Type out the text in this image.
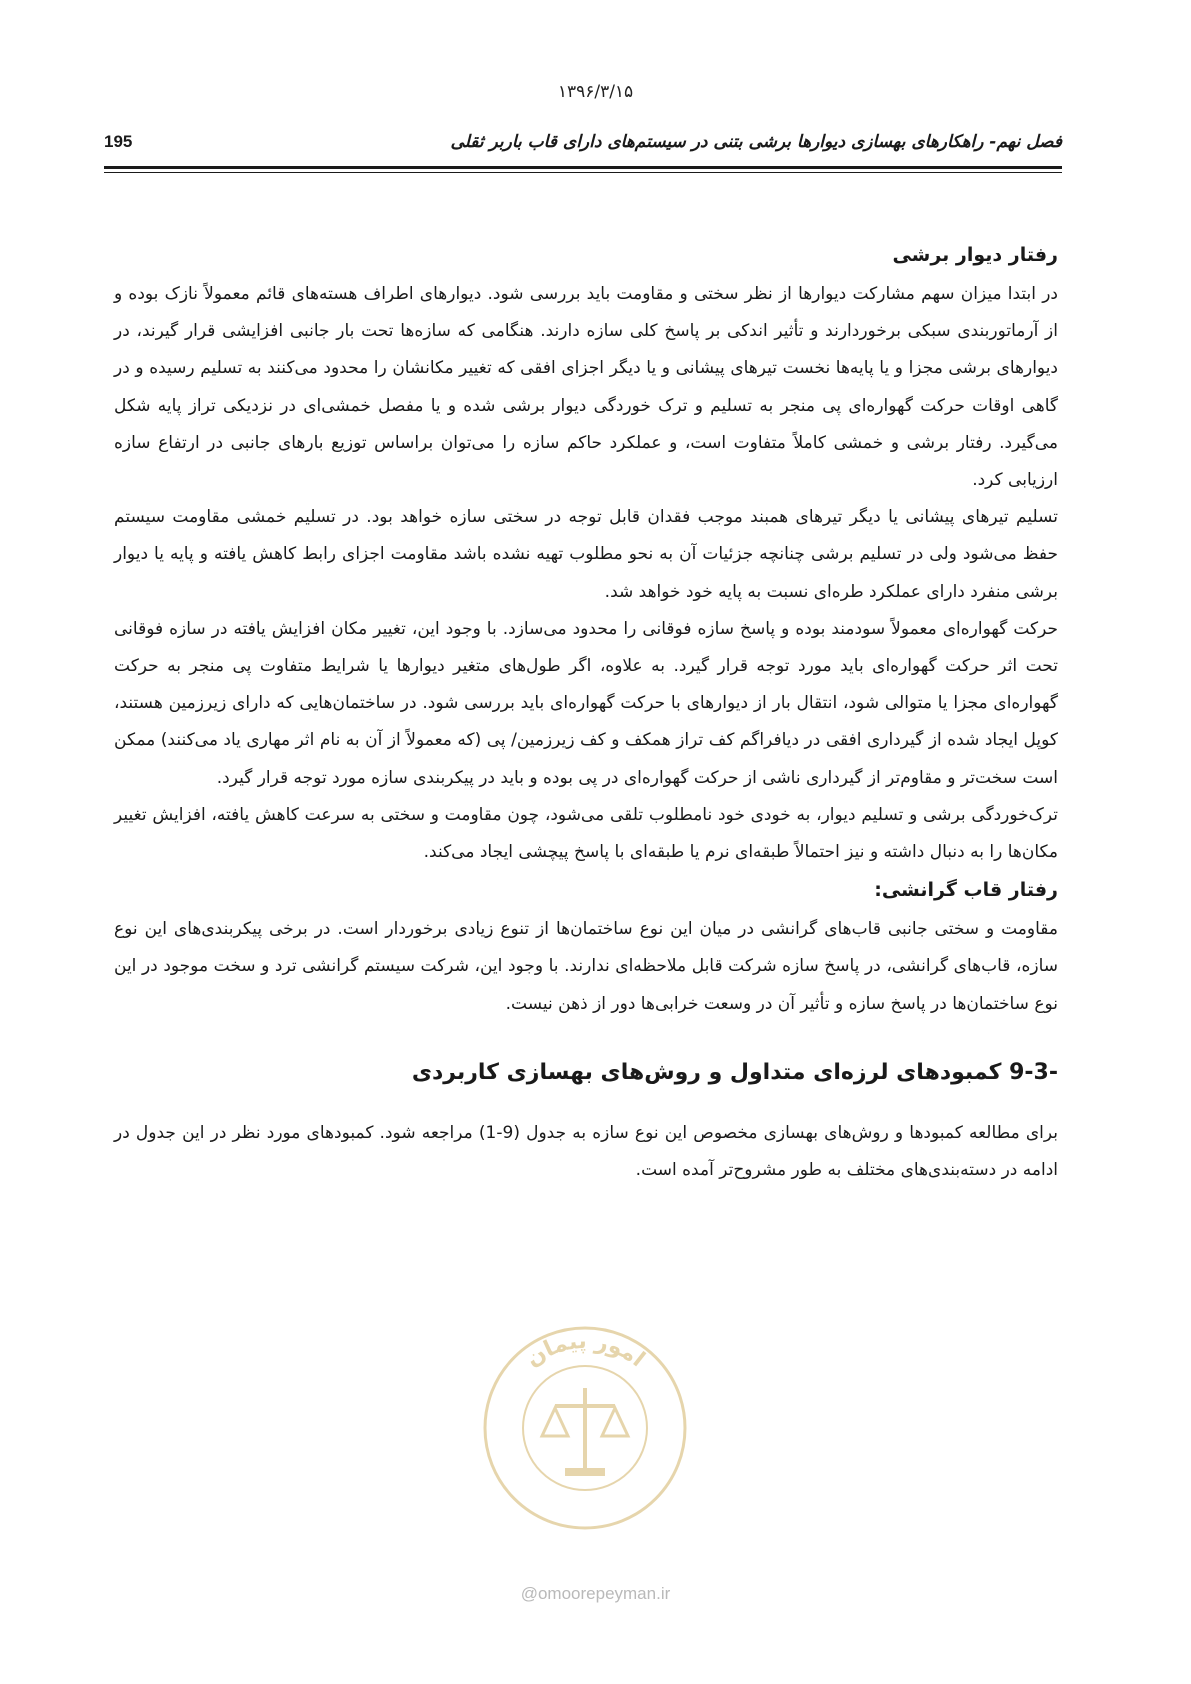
۱۳۹۶/۳/۱۵
فصل نهم- راهکارهای بهسازی دیوارها برشی بتنی در سیستم‌های دارای قاب باربر ثقلی
195
رفتار دیوار برشی

در ابتدا میزان سهم مشارکت دیوارها از نظر سختی و مقاومت باید بررسی شود. دیوارهای اطراف هسته‌های قائم معمولاً نازک بوده و از آرماتوربندی سبکی برخوردارند و تأثیر اندکی بر پاسخ کلی سازه دارند. هنگامی که سازه‌ها تحت بار جانبی افزایشی قرار گیرند، در دیوارهای برشی مجزا و یا پایه‌ها نخست تیرهای پیشانی و یا دیگر اجزای افقی که تغییر مکانشان را محدود می‌کنند به تسلیم رسیده و در گاهی اوقات حرکت گهواره‌ای پی منجر به تسلیم و ترک خوردگی دیوار برشی شده و یا مفصل خمشی‌ای در نزدیکی تراز پایه شکل می‌گیرد. رفتار برشی و خمشی کاملاً متفاوت است، و عملکرد حاکم سازه را می‌توان براساس توزیع بارهای جانبی در ارتفاع سازه ارزیابی کرد.

تسلیم تیرهای پیشانی یا دیگر تیرهای همبند موجب فقدان قابل توجه در سختی سازه خواهد بود. در تسلیم خمشی مقاومت سیستم حفظ می‌شود ولی در تسلیم برشی چنانچه جزئیات آن به نحو مطلوب تهیه نشده باشد مقاومت اجزای رابط کاهش یافته و پایه یا دیوار برشی منفرد دارای عملکرد طره‌ای نسبت به پایه خود خواهد شد.

حرکت گهواره‌ای معمولاً سودمند بوده و پاسخ سازه فوقانی را محدود می‌سازد. با وجود این، تغییر مکان افزایش یافته در سازه فوقانی تحت اثر حرکت گهواره‌ای باید مورد توجه قرار گیرد. به علاوه، اگر طول‌های متغیر دیوارها یا شرایط متفاوت پی منجر به حرکت گهواره‌ای مجزا یا متوالی شود، انتقال بار از دیوارهای با حرکت گهواره‌ای باید بررسی شود. در ساختمان‌هایی که دارای زیرزمین هستند، کوپل ایجاد شده از گیرداری افقی در دیافراگم کف تراز همکف و کف زیرزمین/ پی (که معمولاً از آن به نام اثر مهاری یاد می‌کنند) ممکن است سخت‌تر و مقاوم‌تر از گیرداری ناشی از حرکت گهواره‌ای در پی بوده و باید در پیکربندی سازه مورد توجه قرار گیرد.

ترک‌خوردگی برشی و تسلیم دیوار، به خودی خود نامطلوب تلقی می‌شود، چون مقاومت و سختی به سرعت کاهش یافته، افزایش تغییر مکان‌ها را به دنبال داشته و نیز احتمالاً طبقه‌ای نرم یا طبقه‌ای با پاسخ پیچشی ایجاد می‌کند.

رفتار قاب گرانشی:

مقاومت و سختی جانبی قاب‌های گرانشی در میان این نوع ساختمان‌ها از تنوع زیادی برخوردار است. در برخی پیکربندی‌های این نوع سازه، قاب‌های گرانشی، در پاسخ سازه شرکت قابل ملاحظه‌ای ندارند. با وجود این، شرکت سیستم گرانشی ترد و سخت موجود در این نوع ساختمان‌ها در پاسخ سازه و تأثیر آن در وسعت خرابی‌ها دور از ذهن نیست.

9-3- کمبودهای لرزه‌ای متداول و روش‌های بهسازی کاربردی

برای مطالعه کمبودها و روش‌های بهسازی مخصوص این نوع سازه به جدول (9-1) مراجعه شود. کمبودهای مورد نظر در این جدول در ادامه در دسته‌بندی‌های مختلف به طور مشروح‌تر آمده است.

امور پیمان
@omoorepeyman.ir
